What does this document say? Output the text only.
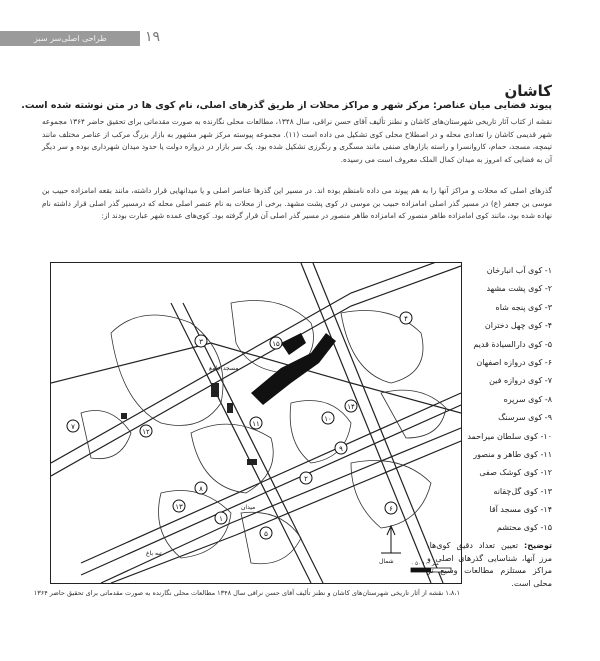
طراحی اصلی‌سر سبز	۱۹
کاشان
پیوند فضایی میان عناصر: مرکز شهر و مراکز محلات از طریق گذرهای اصلی، نام کوی ها در متن نوشته شده است.
نقشه از کتاب آثار تاریخی شهرستان‌های کاشان و نطنز تألیف آقای حسن نراقی، سال ۱۳۴۸، مطالعات محلی نگارنده به صورت مقدماتی برای تحقیق حاضر ۱۳۶۴ مجموعه شهر قدیمی کاشان را تعدادی محله و در اصطلاح محلی کوی تشکیل می داده است (۱۱). مجموعه پیوسته مرکز شهر مشهور به بازار بزرگ مرکب از عناصر مختلف مانند تیمچه، مسجد، حمام، کاروانسرا و راسته بازارهای صنفی مانند مسگری و رنگرزی تشکیل شده بود. یک سر بازار در دروازه دولت یا حدود میدان شهرداری بوده و سر دیگر آن به فضایی که امروز به میدان کمال الملک معروف است می رسیده.
گذرهای اصلی که محلات و مراکز آنها را به هم پیوند می داده نامنظم بوده اند. در مسیر این گذرها عناصر اصلی و یا میدانهایی قرار داشته، مانند بقعه امامزاده حبیب بن موسی بن جعفر (ع) در مسیر گذر اصلی امامزاده حبیب بن موسی در کوی پشت مشهد. برخی از محلات به نام عنصر اصلی محله که درمسیر گذر اصلی قرار داشته نام نهاده شده بود، مانند کوی امامزاده طاهر منصور که امامزاده طاهر منصور در مسیر گذر اصلی آن قرار گرفته بود. کوی‌های عمده شهر عبارت بودند از:
۱
۲
۳
۴
۵
۶
۷
۸
۹
۱۰
۱۱
۱۲
۱۳
۱۴
۱۵
مسجد جامع	بازار
میدان
تپه باغ
شمال	۰ ۵۰ ۱۰۰ متر
۱- کوی آب انبارخان
۲- کوی پشت مشهد
۳- کوی پنجه شاه
۴- کوی چهل دختران
۵- کوی دارالسیادة قدیم
۶- کوی دروازه اصفهان
۷- کوی دروازه فین
۸- کوی سرپره
۹- کوی سرسنگ
۱۰- کوی سلطان میراحمد
۱۱- کوی طاهر و منصور
۱۲- کوی کوشک صفی
۱۳- کوی گل‌چقانه
۱۴- کوی مسجد آقا
۱۵- کوی محتشم
توضیح: تعیین تعداد دقیق کوی‌ها، مرز آنها، شناسایی گذرهای اصلی و مراکز مستلزم مطالعات وسیع تر محلی است.
۱،۸،۱ نقشه از آثار تاریخی شهرستان‌های کاشان و نطنز تألیف آقای حسن نراقی سال ۱۳۴۸ مطالعات محلی نگارنده به صورت مقدماتی برای تحقیق حاضر ۱۳۶۴
